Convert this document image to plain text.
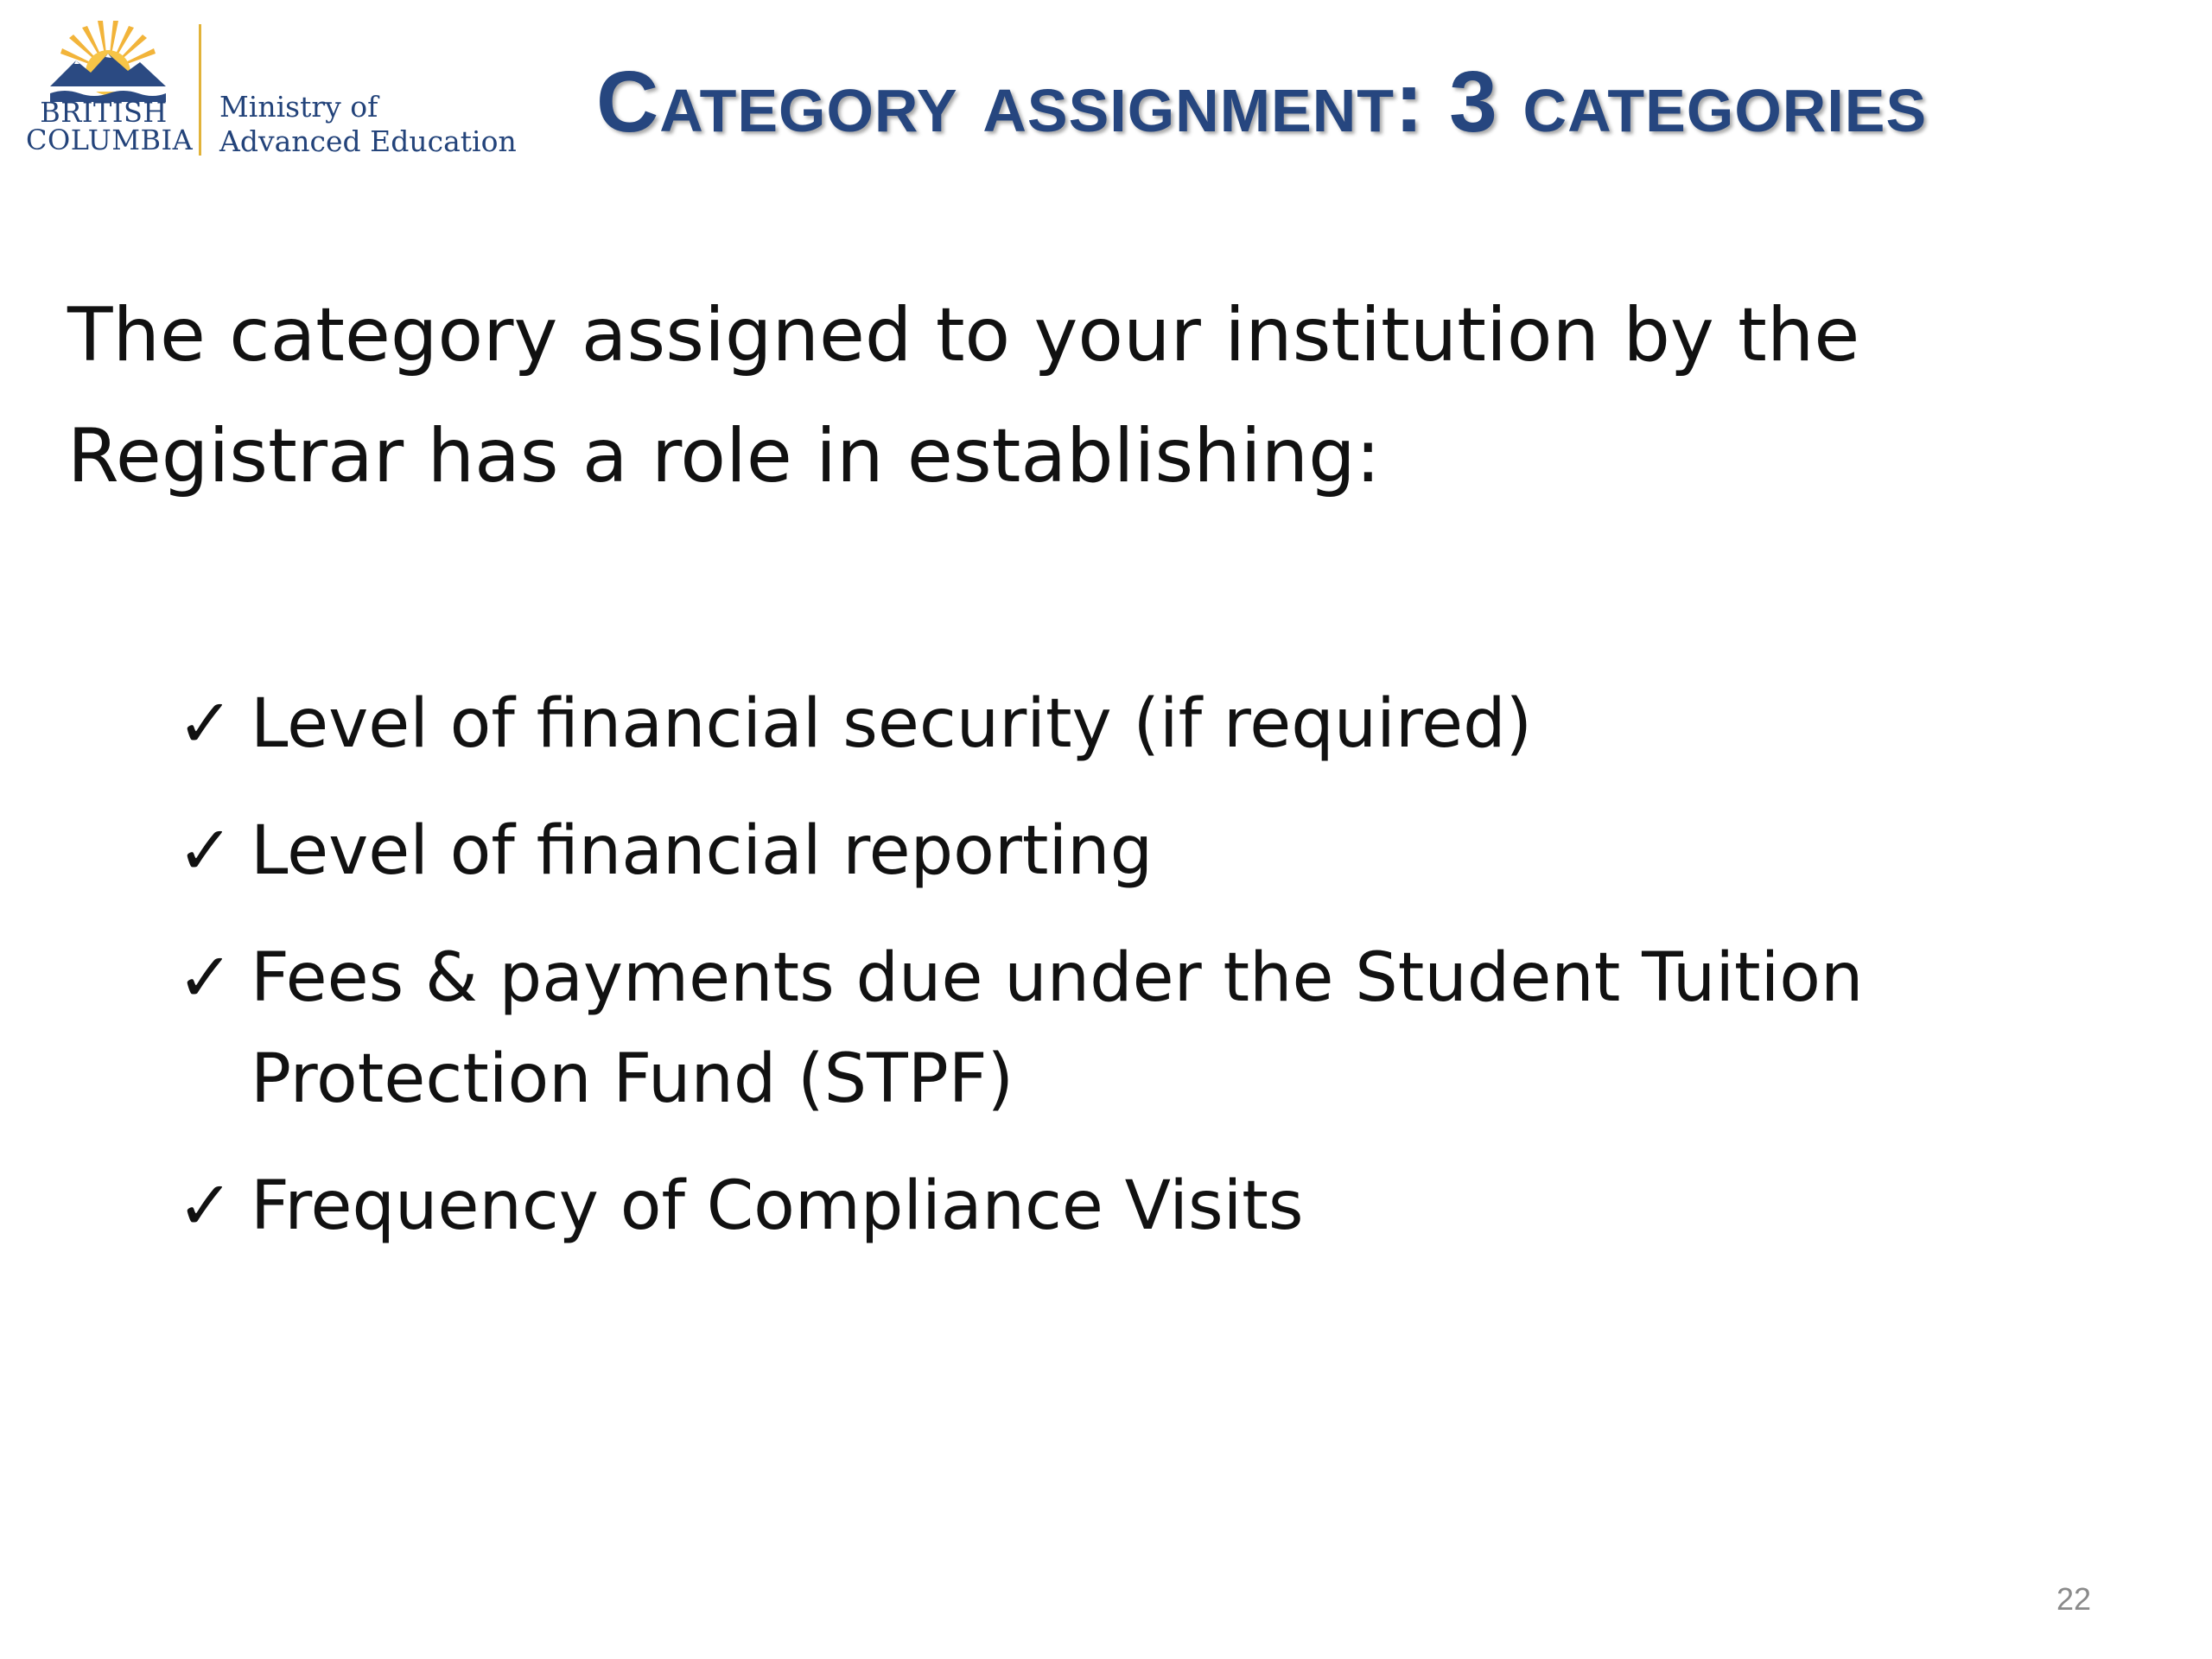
BRITISH
COLUMBIA
Ministry of
Advanced Education Category assignment: 3 categories
The category assigned to your institution by the Registrar has a role in establishing:
✓ Level of financial security (if required)
✓ Level of financial reporting
✓ Fees & payments due under the Student Tuition Protection Fund (STPF)
✓ Frequency of Compliance Visits
22
